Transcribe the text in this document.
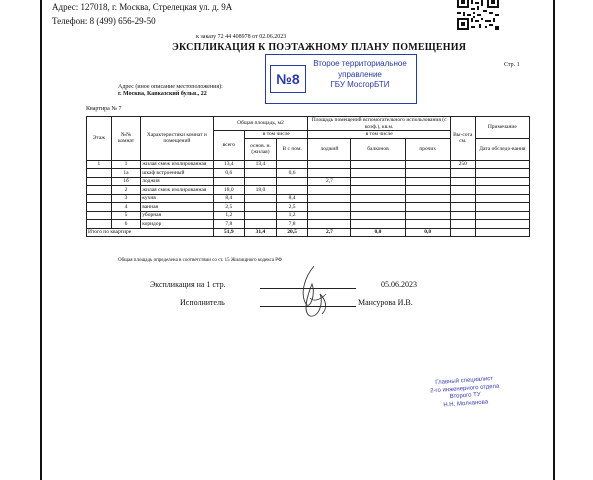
Адрес: 127018, г. Москва, Стрелецкая ул. д. 9А
Телефон: 8 (499) 656-29-50
к заказу 72 44 408978 от 02.06.2023
ЭКСПЛИКАЦИЯ К ПОЭТАЖНОМУ ПЛАНУ ПОМЕЩЕНИЯ
Стр. 1
№8
Второе территориальное
управление
ГБУ МосгорБТИ
Адрес (иное описание местоположения):
г. Москва, Кавказский бульв., 22
Квартира № 7
Этаж	№№ комнат	Характеристики комнат и помещений	Общая площадь, м2			Площадь помещений вспомогательного использования (с коэф.), кв.м.			Вы-сота см.	Примечание
			всего	в том числе		в том числе				
				основ. н. (жилая)	В с пом.	лоджий	балконов	прочих		Дата обследо-вания
1	1	жилая смеж изолированная	13,4	13,4					250	
	1а	шкаф встроенный	0,6		0,6					
	1б	лоджия				2,7				
	2	жилая смеж изолированная	18,0	18,0						
	3	кухня	8,4		8,4					
	4	ванная	2,5		2,5					
	5	уборная	1,2		1,2					
	6	коридор	7,8		7,8					
Итого по квартире			51,9	31,4	20,5	2,7	0,0	0,0		
Общая площадь определена в соответствии со ст. 15 Жилищного кодекса РФ
Экспликация на 1 стр.	05.06.2023
Исполнитель	Мансурова И.В.
Главный специалист
2-го инженерного отдела
Второго ТУ
Н.Н. Молчанова
